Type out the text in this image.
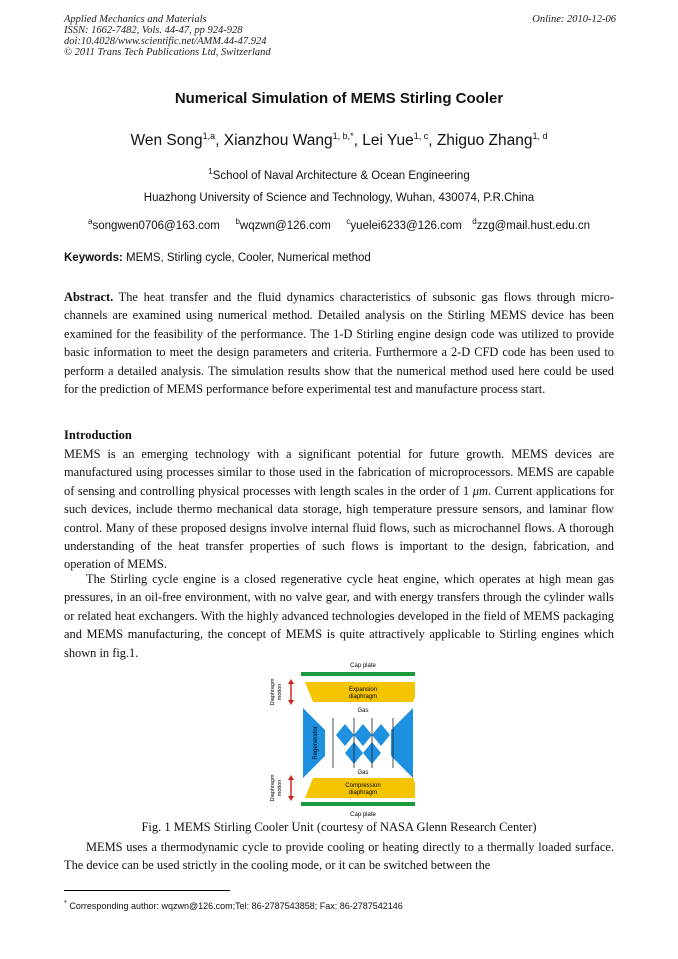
Applied Mechanics and Materials
ISSN: 1662-7482, Vols. 44-47, pp 924-928
doi:10.4028/www.scientific.net/AMM.44-47.924
© 2011 Trans Tech Publications Ltd, Switzerland
Online: 2010-12-06
Numerical Simulation of MEMS Stirling Cooler
Wen Song$^{1,a}$, Xianzhou Wang$^{1, b,*}$, Lei Yue$^{1, c}$, Zhiguo Zhang$^{1, d}$
$^1$School of Naval Architecture & Ocean Engineering
Huazhong University of Science and Technology, Wuhan, 430074, P.R.China
$^a$songwen0706@163.com $^b$wqzwn@126.com $^c$yuelei6233@126.com $^d$zzg@mail.hust.edu.cn
Keywords: MEMS, Stirling cycle, Cooler, Numerical method
Abstract. The heat transfer and the fluid dynamics characteristics of subsonic gas flows through micro-channels are examined using numerical method. Detailed analysis on the Stirling MEMS device has been examined for the feasibility of the performance. The 1-D Stirling engine design code was utilized to provide basic information to meet the design parameters and criteria. Furthermore a 2-D CFD code has been used to perform a detailed analysis. The simulation results show that the numerical method used here could be used for the prediction of MEMS performance before experimental test and manufacture process start.
Introduction
MEMS is an emerging technology with a significant potential for future growth. MEMS devices are manufactured using processes similar to those used in the fabrication of microprocessors. MEMS are capable of sensing and controlling physical processes with length scales in the order of 1 μm. Current applications for such devices, include thermo mechanical data storage, high temperature pressure sensors, and laminar flow control. Many of these proposed designs involve internal fluid flows, such as microchannel flows. A thorough understanding of the heat transfer properties of such flows is important to the design, fabrication, and operation of MEMS.
The Stirling cycle engine is a closed regenerative cycle heat engine, which operates at high mean gas pressures, in an oil-free environment, with no valve gear, and with energy transfers through the cylinder walls or related heat exchangers. With the highly advanced technologies developed in the field of MEMS packaging and MEMS manufacturing, the concept of MEMS is quite attractively applicable to Stirling engines which shown in fig.1.
Cap plate
Expansion
diaphragm
Gas
Regenerator
Gas
Compression
diaphragm
Cap plate
Diaphragm motion
Diaphragm motion
Fig. 1 MEMS Stirling Cooler Unit (courtesy of NASA Glenn Research Center)
MEMS uses a thermodynamic cycle to provide cooling or heating directly to a thermally loaded surface. The device can be used strictly in the cooling mode, or it can be switched between the
* Corresponding author: wqzwn@126.com;Tel: 86-2787543858; Fax: 86-2787542146
